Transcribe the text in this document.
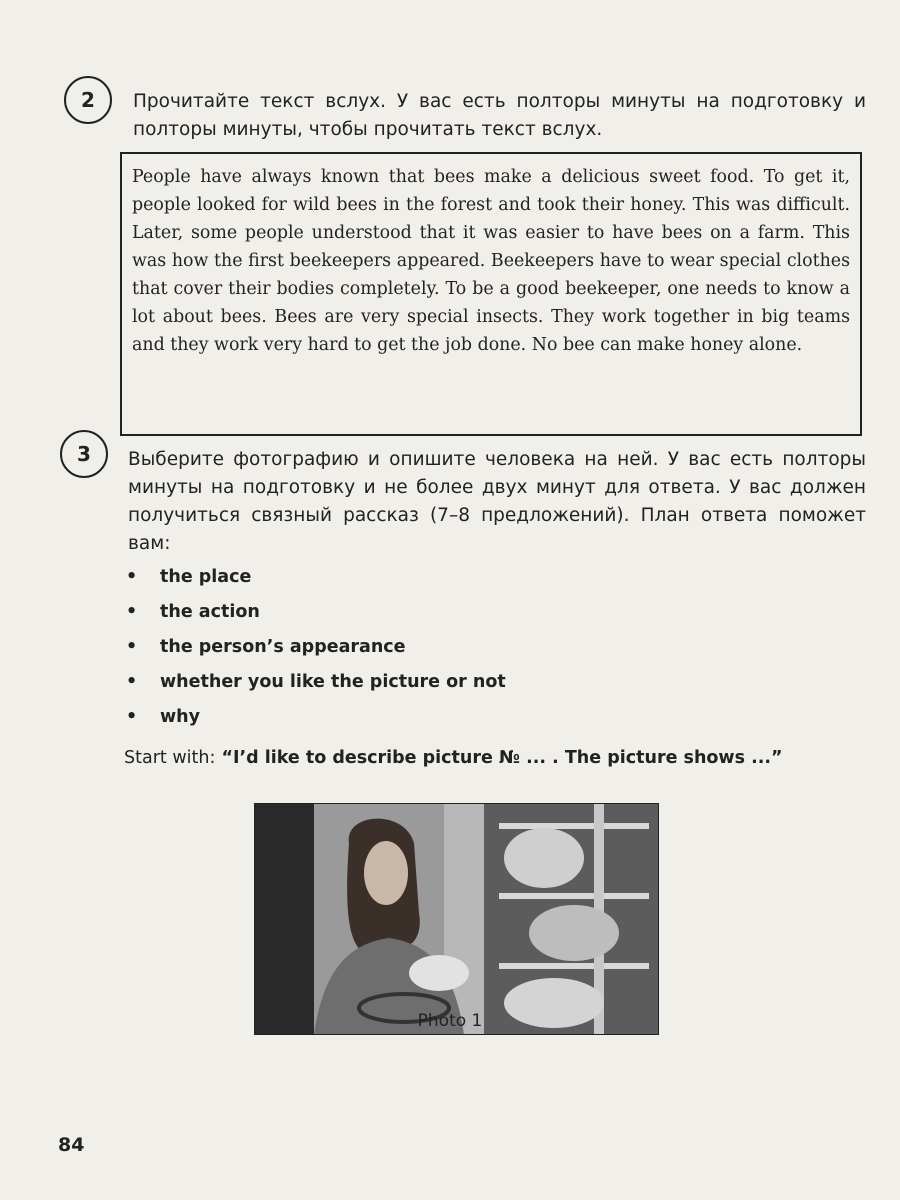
2 Прочитайте текст вслух. У вас есть полторы минуты на подготовку и полторы минуты, чтобы прочитать текст вслух.
People have always known that bees make a delicious sweet food. To get it, people looked for wild bees in the forest and took their honey. This was difficult. Later, some people understood that it was easier to have bees on a farm. This was how the first beekeepers appeared. Beekeepers have to wear special clothes that cover their bodies completely. To be a good beekeeper, one needs to know a lot about bees. Bees are very special insects. They work together in big teams and they work very hard to get the job done. No bee can make honey alone.
3 Выберите фотографию и опишите человека на ней. У вас есть полторы минуты на подготовку и не более двух минут для ответа. У вас должен получиться связный рассказ (7–8 предложений). План ответа поможет вам:
•	the place
•	the action
•	the person’s appearance
•	whether you like the picture or not
•	why
Start with: “I’d like to describe picture № ... . The picture shows ...”
Photo 1
84
